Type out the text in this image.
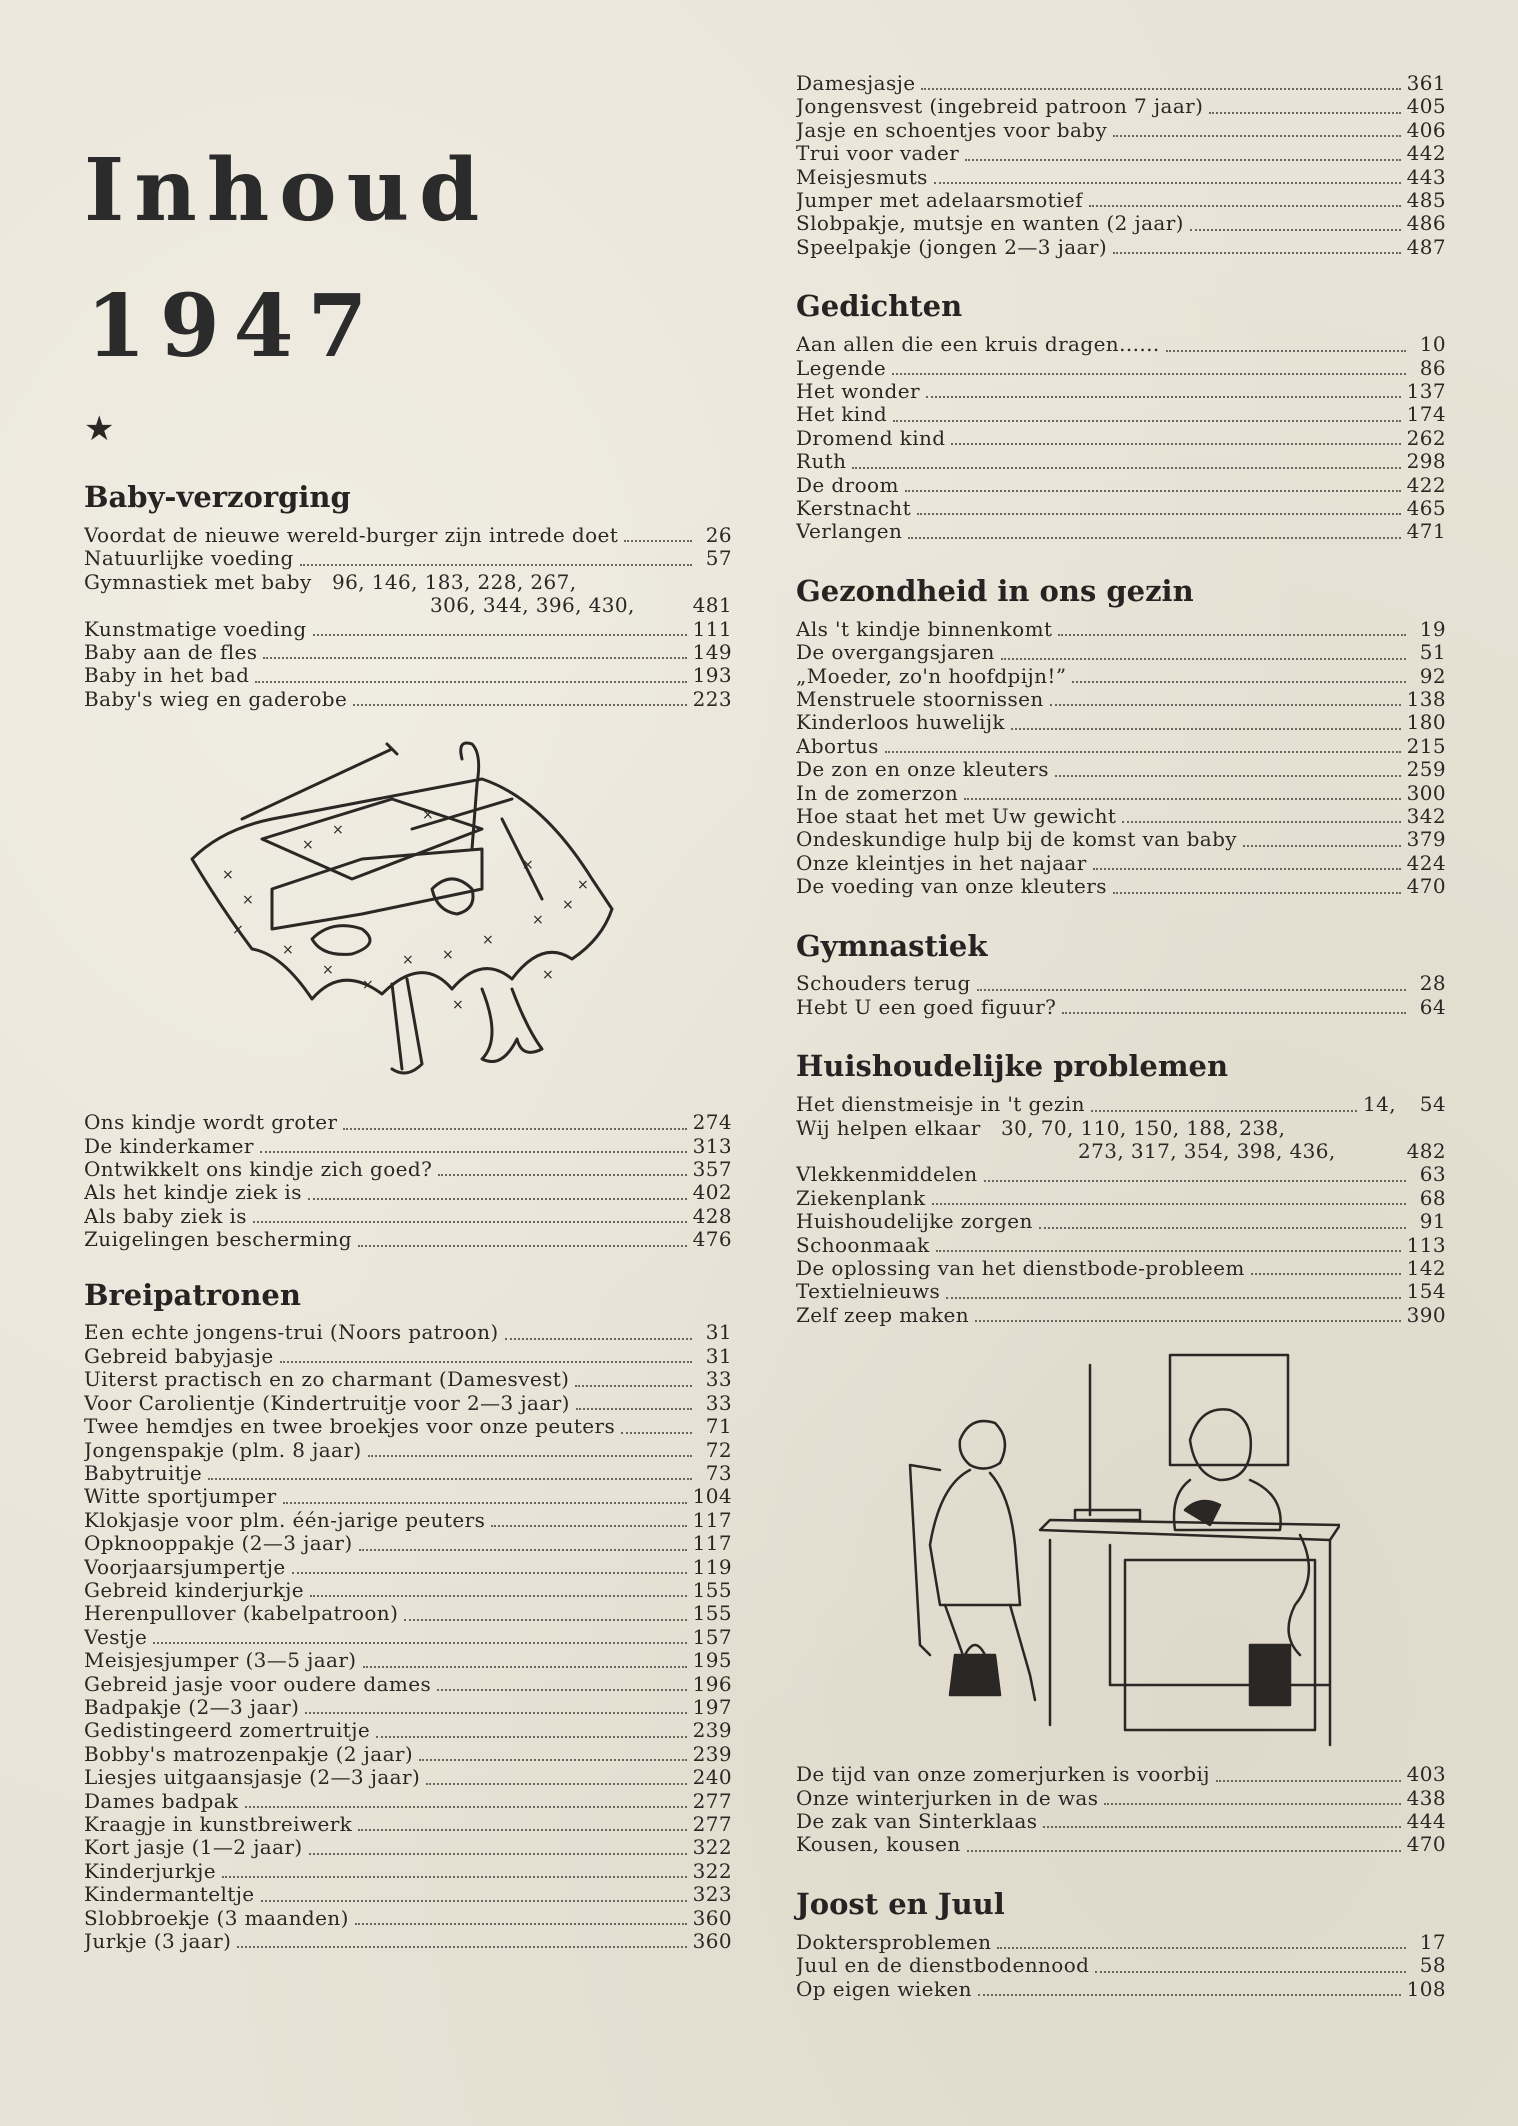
Inhoud
1947
★
Baby-verzorging
Voordat de nieuwe wereld-burger zijn intrede doet	26
Natuurlijke voeding	57
Gymnastiek met baby 96, 146, 183, 228, 267,
306, 344, 396, 430,	481
Kunstmatige voeding	111
Baby aan de fles	149
Baby in het bad	193
Baby's wieg en gaderobe	223
×
×
×
×
×
× ×
×
×
×
×
×
×
×
×
×
×
×
Ons kindje wordt groter	274
De kinderkamer	313
Ontwikkelt ons kindje zich goed?	357
Als het kindje ziek is	402
Als baby ziek is	428
Zuigelingen bescherming	476
Breipatronen
Een echte jongens-trui (Noors patroon)	31
Gebreid babyjasje	31
Uiterst practisch en zo charmant (Damesvest)	33
Voor Carolientje (Kindertruitje voor 2—3 jaar)	33
Twee hemdjes en twee broekjes voor onze peuters	71
Jongenspakje (plm. 8 jaar)	72
Babytruitje	73
Witte sportjumper	104
Klokjasje voor plm. één-jarige peuters	117
Opknooppakje (2—3 jaar)	117
Voorjaarsjumpertje	119
Gebreid kinderjurkje	155
Herenpullover (kabelpatroon)	155
Vestje	157
Meisjesjumper (3—5 jaar)	195
Gebreid jasje voor oudere dames	196
Badpakje (2—3 jaar)	197
Gedistingeerd zomertruitje	239
Bobby's matrozenpakje (2 jaar)	239
Liesjes uitgaansjasje (2—3 jaar)	240
Dames badpak	277
Kraagje in kunstbreiwerk	277
Kort jasje (1—2 jaar)	322
Kinderjurkje	322
Kindermanteltje	323
Slobbroekje (3 maanden)	360
Jurkje (3 jaar)	360
Damesjasje	361
Jongensvest (ingebreid patroon 7 jaar)	405
Jasje en schoentjes voor baby	406
Trui voor vader	442
Meisjesmuts	443
Jumper met adelaarsmotief	485
Slobpakje, mutsje en wanten (2 jaar)	486
Speelpakje (jongen 2—3 jaar)	487
Gedichten
Aan allen die een kruis dragen......	10
Legende	86
Het wonder	137
Het kind	174
Dromend kind	262
Ruth	298
De droom	422
Kerstnacht	465
Verlangen	471
Gezondheid in ons gezin
Als 't kindje binnenkomt	19
De overgangsjaren	51
„Moeder, zo'n hoofdpijn!”	92
Menstruele stoornissen	138
Kinderloos huwelijk	180
Abortus	215
De zon en onze kleuters	259
In de zomerzon	300
Hoe staat het met Uw gewicht	342
Ondeskundige hulp bij de komst van baby	379
Onze kleintjes in het najaar	424
De voeding van onze kleuters	470
Gymnastiek
Schouders terug	28
Hebt U een goed figuur?	64
Huishoudelijke problemen
Het dienstmeisje in 't gezin	14,	54
Wij helpen elkaar 30, 70, 110, 150, 188, 238,
273, 317, 354, 398, 436,	482
Vlekkenmiddelen	63
Ziekenplank	68
Huishoudelijke zorgen	91
Schoonmaak	113
De oplossing van het dienstbode-probleem	142
Textielnieuws	154
Zelf zeep maken	390
De tijd van onze zomerjurken is voorbij	403
Onze winterjurken in de was	438
De zak van Sinterklaas	444
Kousen, kousen	470
Joost en Juul
Doktersproblemen	17
Juul en de dienstbodennood	58
Op eigen wieken	108
